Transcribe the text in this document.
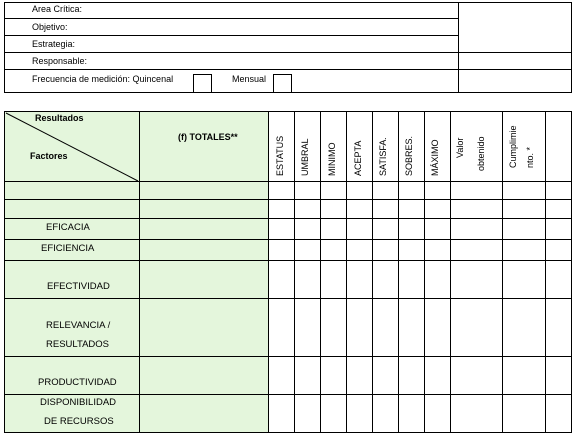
Area Crítica:
Objetivo:
Estrategia:
Responsable:
Frecuencia de medición: Quincenal	Mensual
Resultados
Factores
(f) TOTALES**	ESTATUS UMBRAL MINIMO ACEPTA SATISFA. SOBRES. MÁXIMO Valor obtenido Cumplimie nto. *
EFICACIA
EFICIENCIA
EFECTIVIDAD
RELEVANCIA /
RESULTADOS
PRODUCTIVIDAD
DISPONIBILIDAD
DE RECURSOS
